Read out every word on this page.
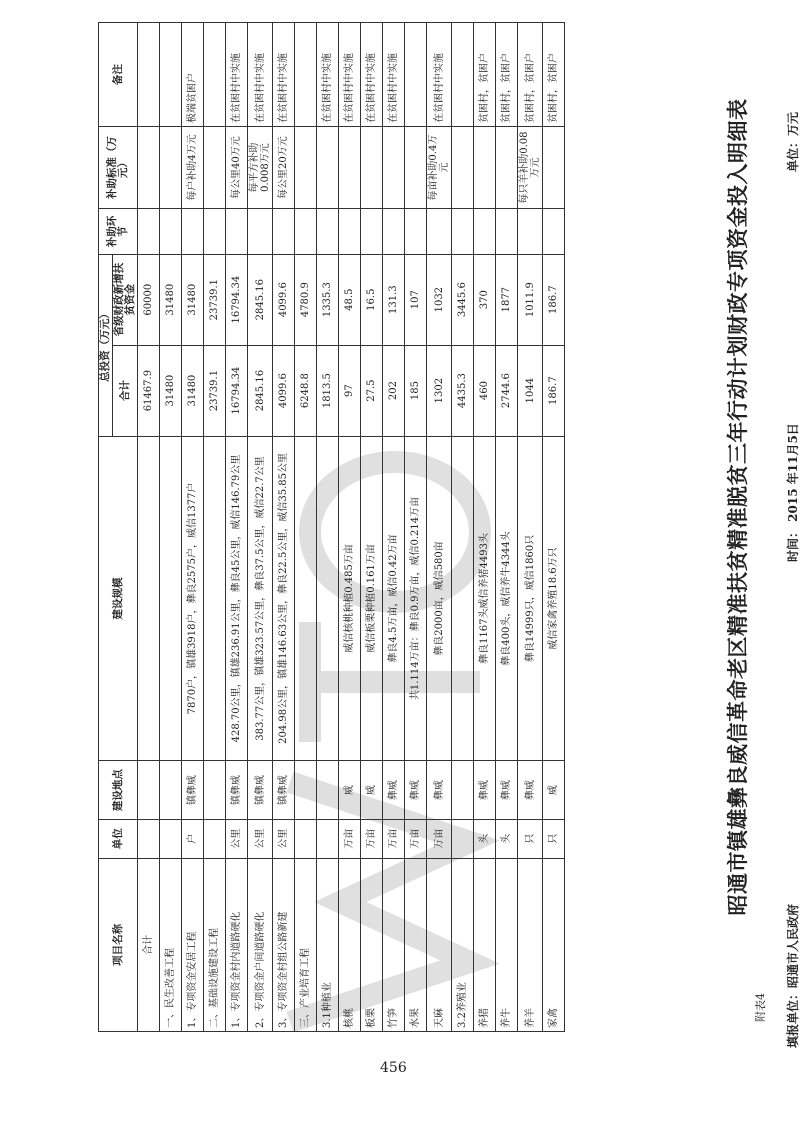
附表4
昭通市镇雄彝良威信革命老区精准扶贫精准脱贫三年行动计划财政专项资金投入明细表
填报单位：昭通市人民政府
时间： 2015 年11月5日
单位：万元
项目名称	单位	建设地点	建设规模	总投资（万元）		补助环节	补助标准（万元）	备注
				合计	省级财政新增扶贫资金			
合计				61467.9	60000			
一、民生改善工程				31480	31480			
1、专项资金安居工程	户	镇彝威	7870户，镇雄3918户，彝良2575户，威信1377户	31480	31480		每户补助4万元	极端贫困户
二、基础设施建设工程				23739.1	23739.1			
1、专项资金村内道路硬化	公里	镇彝威	428.70公里，镇雄236.91公里，彝良45公里，威信146.79公里	16794.34	16794.34		每公里40万元	在贫困村中实施
2、专项资金户间道路硬化	公里	镇彝威	383.77公里，镇雄323.57公里，彝良37.5公里，威信22.7公里	2845.16	2845.16		每平方补助0.008万元	在贫困村中实施
3、专项资金村组公路新建	公里	镇彝威	204.98公里，镇雄146.63公里，彝良22.5公里，威信35.85公里	4099.6	4099.6		每公里20万元	在贫困村中实施
三、产业培育工程				6248.8	4780.9			
3.1种植业				1813.5	1335.3			在贫困村中实施
核桃	万亩	威	威信核桃种植0.485万亩	97	48.5			在贫困村中实施
板栗	万亩	威	威信板栗种植0.161万亩	27.5	16.5			在贫困村中实施
竹笋	万亩	彝威	彝良4.5万亩，威信0.42万亩	202	131.3			在贫困村中实施
水果	万亩	彝威	共1.114万亩：彝良0.9万亩，威信0.214万亩	185	107			
天麻	万亩	彝威	彝良2000亩，威信580亩	1302	1032		每亩补助0.4万元	在贫困村中实施
3.2养殖业				4435.3	3445.6			
养猪	头	彝威	彝良1167头威信养猪4493头	460	370			贫困村，贫困户
养牛	头	彝威	彝良400头，威信养牛4344头	2744.6	1877			贫困村，贫困户
养羊	只	彝威	彝良14999只，威信1860只	1044	1011.9		每只羊补助0.08万元	贫困村，贫困户
家禽	只	威	威信家禽养殖18.6万只	186.7	186.7			贫困村，贫困户
456
